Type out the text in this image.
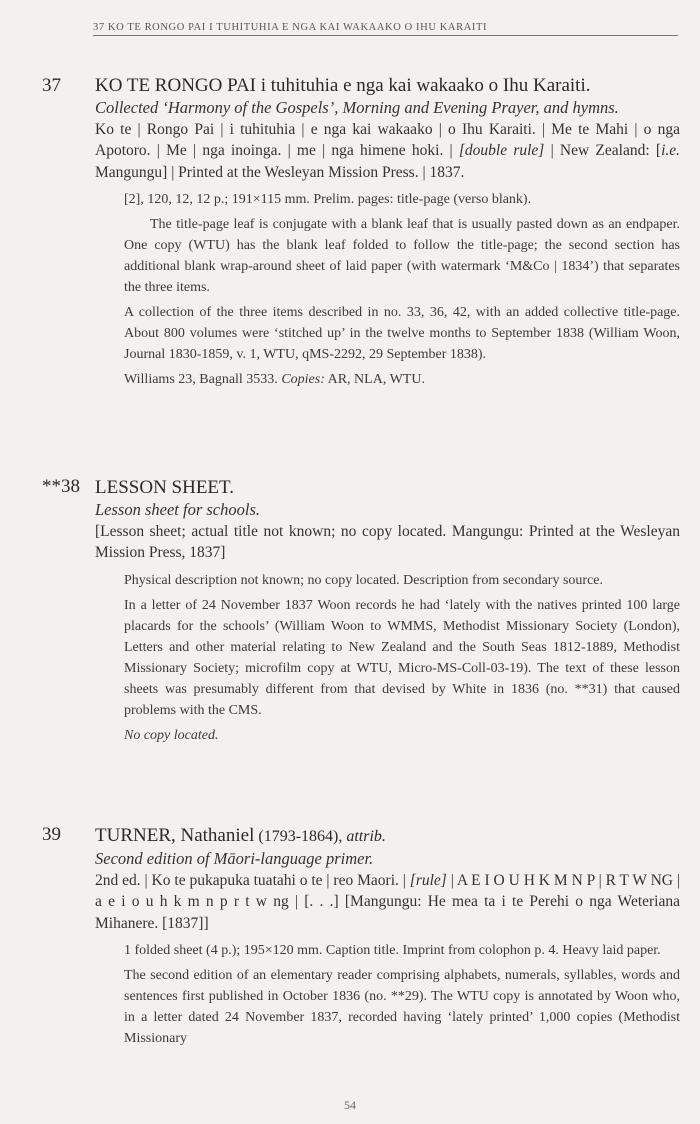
37 KO TE RONGO PAI I TUHITUHIA E NGA KAI WAKAAKO O IHU KARAITI
37 KO TE RONGO PAI i tuhituhia e nga kai wakaako o Ihu Karaiti.
Collected ‘Harmony of the Gospels’, Morning and Evening Prayer, and hymns.
Ko te | Rongo Pai | i tuhituhia | e nga kai wakaako | o Ihu Karaiti. | Me te Mahi | o nga Apotoro. | Me | nga inoinga. | me | nga himene hoki. | [double rule] | New Zealand: [i.e. Mangungu] | Printed at the Wesleyan Mission Press. | 1837.

[2], 120, 12, 12 p.; 191×115 mm. Prelim. pages: title-page (verso blank).

The title-page leaf is conjugate with a blank leaf that is usually pasted down as an endpaper. One copy (WTU) has the blank leaf folded to follow the title-page; the second section has additional blank wrap-around sheet of laid paper (with watermark ‘M&Co | 1834’) that separates the three items.

A collection of the three items described in no. 33, 36, 42, with an added collective title-page. About 800 volumes were ‘stitched up’ in the twelve months to September 1838 (William Woon, Journal 1830-1859, v. 1, WTU, qMS-2292, 29 September 1838).

Williams 23, Bagnall 3533. Copies: AR, NLA, WTU.

**38 LESSON SHEET.
Lesson sheet for schools.
[Lesson sheet; actual title not known; no copy located. Mangungu: Printed at the Wesleyan Mission Press, 1837]

Physical description not known; no copy located. Description from secondary source.

In a letter of 24 November 1837 Woon records he had ‘lately with the natives printed 100 large placards for the schools’ (William Woon to WMMS, Methodist Missionary Society (London), Letters and other material relating to New Zealand and the South Seas 1812-1889, Methodist Missionary Society; microfilm copy at WTU, Micro-MS-Coll-03-19). The text of these lesson sheets was presumably different from that devised by White in 1836 (no. **31) that caused problems with the CMS.

No copy located.

39 TURNER, Nathaniel (1793-1864), attrib.
Second edition of Māori-language primer.
2nd ed. | Ko te pukapuka tuatahi o te | reo Maori. | [rule] | A E I O U H K M N P | R T W NG | a e i o u h k m n p r t w ng | [. . .] [Mangungu: He mea ta i te Perehi o nga Weteriana Mihanere. [1837]]

1 folded sheet (4 p.); 195×120 mm. Caption title. Imprint from colophon p. 4. Heavy laid paper.

The second edition of an elementary reader comprising alphabets, numerals, syllables, words and sentences first published in October 1836 (no. **29). The WTU copy is annotated by Woon who, in a letter dated 24 November 1837, recorded having ‘lately printed’ 1,000 copies (Methodist Missionary

54
